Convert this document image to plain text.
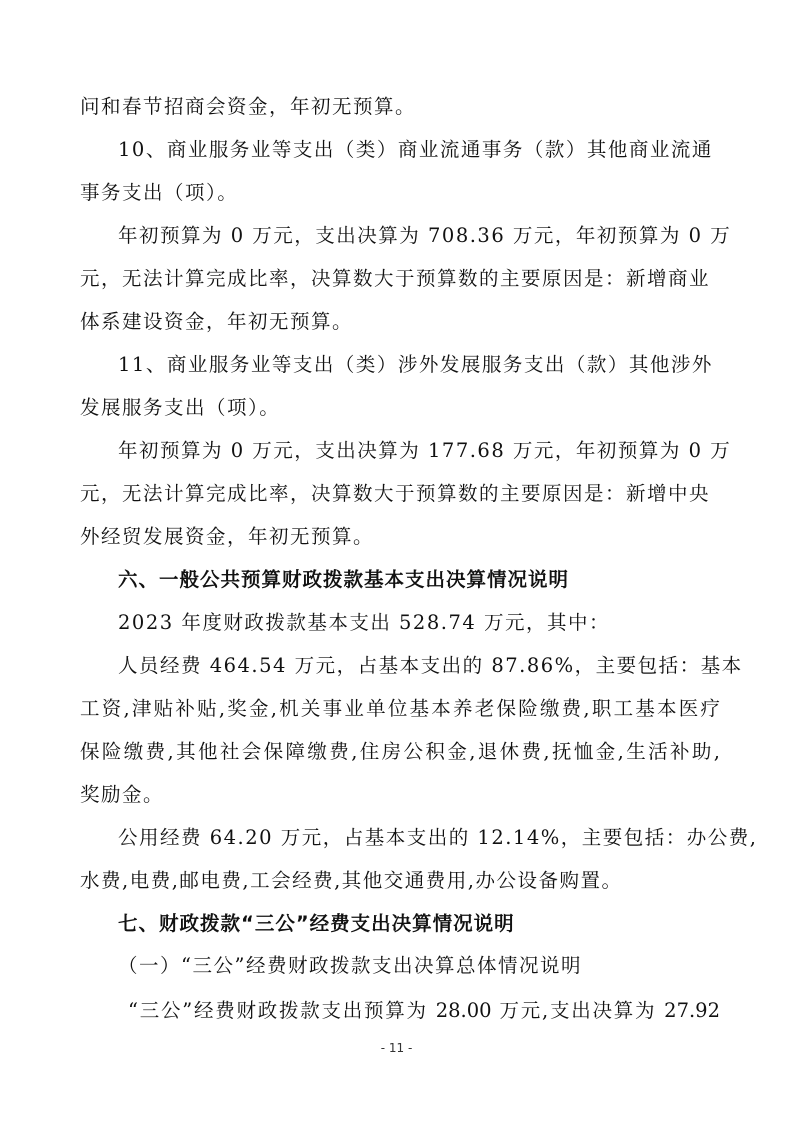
问和春节招商会资金，年初无预算。
10、商业服务业等支出（类）商业流通事务（款）其他商业流通
事务支出（项）。
年初预算为 0 万元，支出决算为 708.36 万元，年初预算为 0 万
元，无法计算完成比率，决算数大于预算数的主要原因是：新增商业
体系建设资金，年初无预算。
11、商业服务业等支出（类）涉外发展服务支出（款）其他涉外
发展服务支出（项）。
年初预算为 0 万元，支出决算为 177.68 万元，年初预算为 0 万
元，无法计算完成比率，决算数大于预算数的主要原因是：新增中央
外经贸发展资金，年初无预算。
六、一般公共预算财政拨款基本支出决算情况说明
2023 年度财政拨款基本支出 528.74 万元，其中：
人员经费 464.54 万元，占基本支出的 87.86%，主要包括：基本
工资,津贴补贴,奖金,机关事业单位基本养老保险缴费,职工基本医疗
保险缴费,其他社会保障缴费,住房公积金,退休费,抚恤金,生活补助,
奖励金。
公用经费 64.20 万元，占基本支出的 12.14%，主要包括：办公费,
水费,电费,邮电费,工会经费,其他交通费用,办公设备购置。
七、财政拨款“三公”经费支出决算情况说明
- 11 -
（一）“三公”经费财政拨款支出决算总体情况说明
“三公”经费财政拨款支出预算为 28.00 万元,支出决算为 27.92
